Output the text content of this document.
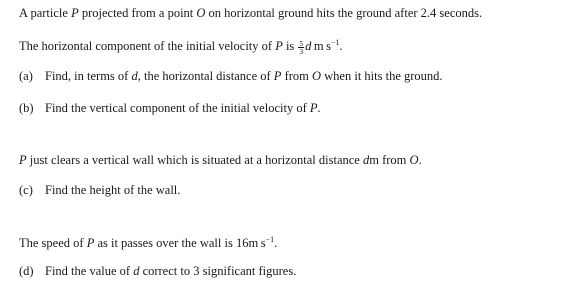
A particle P projected from a point O on horizontal ground hits the ground after 2.4 seconds.
The horizontal component of the initial velocity of P is $\frac{5}{3}$ d m $s^{-1}$.
(a) Find, in terms of d, the horizontal distance of P from O when it hits the ground.
(b) Find the vertical component of the initial velocity of P.
P just clears a vertical wall which is situated at a horizontal distance dm from O.
(c) Find the height of the wall.
The speed of P as it passes over the wall is 16m $s^{-1}$.
(d) Find the value of d correct to 3 significant figures.
